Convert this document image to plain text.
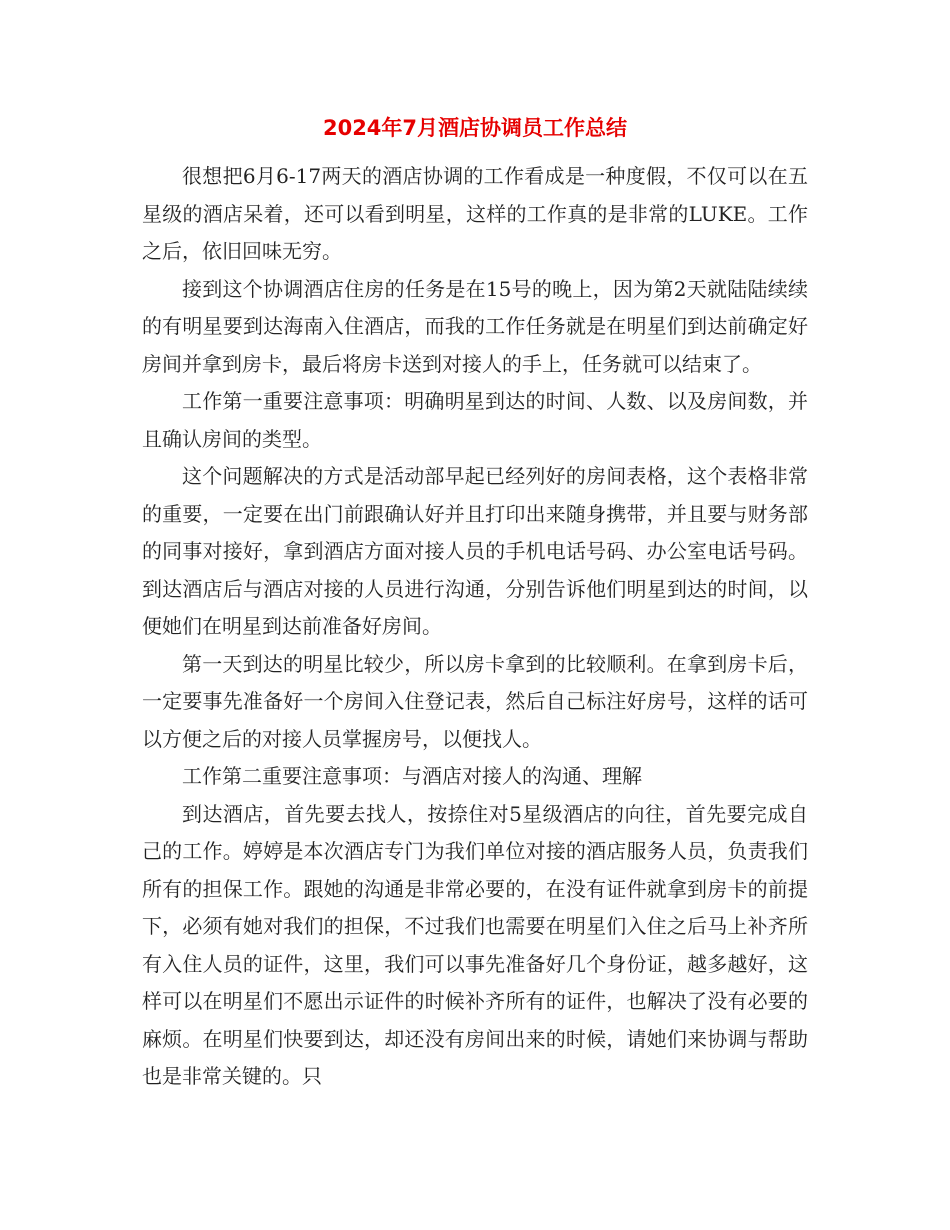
2024年7月酒店协调员工作总结

很想把6月6-17两天的酒店协调的工作看成是一种度假，不仅可以在五星级的酒店呆着，还可以看到明星，这样的工作真的是非常的LUKE。工作之后，依旧回味无穷。

接到这个协调酒店住房的任务是在15号的晚上，因为第2天就陆陆续续的有明星要到达海南入住酒店，而我的工作任务就是在明星们到达前确定好房间并拿到房卡，最后将房卡送到对接人的手上，任务就可以结束了。

工作第一重要注意事项：明确明星到达的时间、人数、以及房间数，并且确认房间的类型。

这个问题解决的方式是活动部早起已经列好的房间表格，这个表格非常的重要，一定要在出门前跟确认好并且打印出来随身携带，并且要与财务部的同事对接好，拿到酒店方面对接人员的手机电话号码、办公室电话号码。到达酒店后与酒店对接的人员进行沟通，分别告诉他们明星到达的时间，以便她们在明星到达前准备好房间。

第一天到达的明星比较少，所以房卡拿到的比较顺利。在拿到房卡后，一定要事先准备好一个房间入住登记表，然后自己标注好房号，这样的话可以方便之后的对接人员掌握房号，以便找人。

工作第二重要注意事项：与酒店对接人的沟通、理解

到达酒店，首先要去找人，按捺住对5星级酒店的向往，首先要完成自己的工作。婷婷是本次酒店专门为我们单位对接的酒店服务人员，负责我们所有的担保工作。跟她的沟通是非常必要的，在没有证件就拿到房卡的前提下，必须有她对我们的担保，不过我们也需要在明星们入住之后马上补齐所有入住人员的证件，这里，我们可以事先准备好几个身份证，越多越好，这样可以在明星们不愿出示证件的时候补齐所有的证件，也解决了没有必要的麻烦。在明星们快要到达，却还没有房间出来的时候，请她们来协调与帮助也是非常关键的。只
